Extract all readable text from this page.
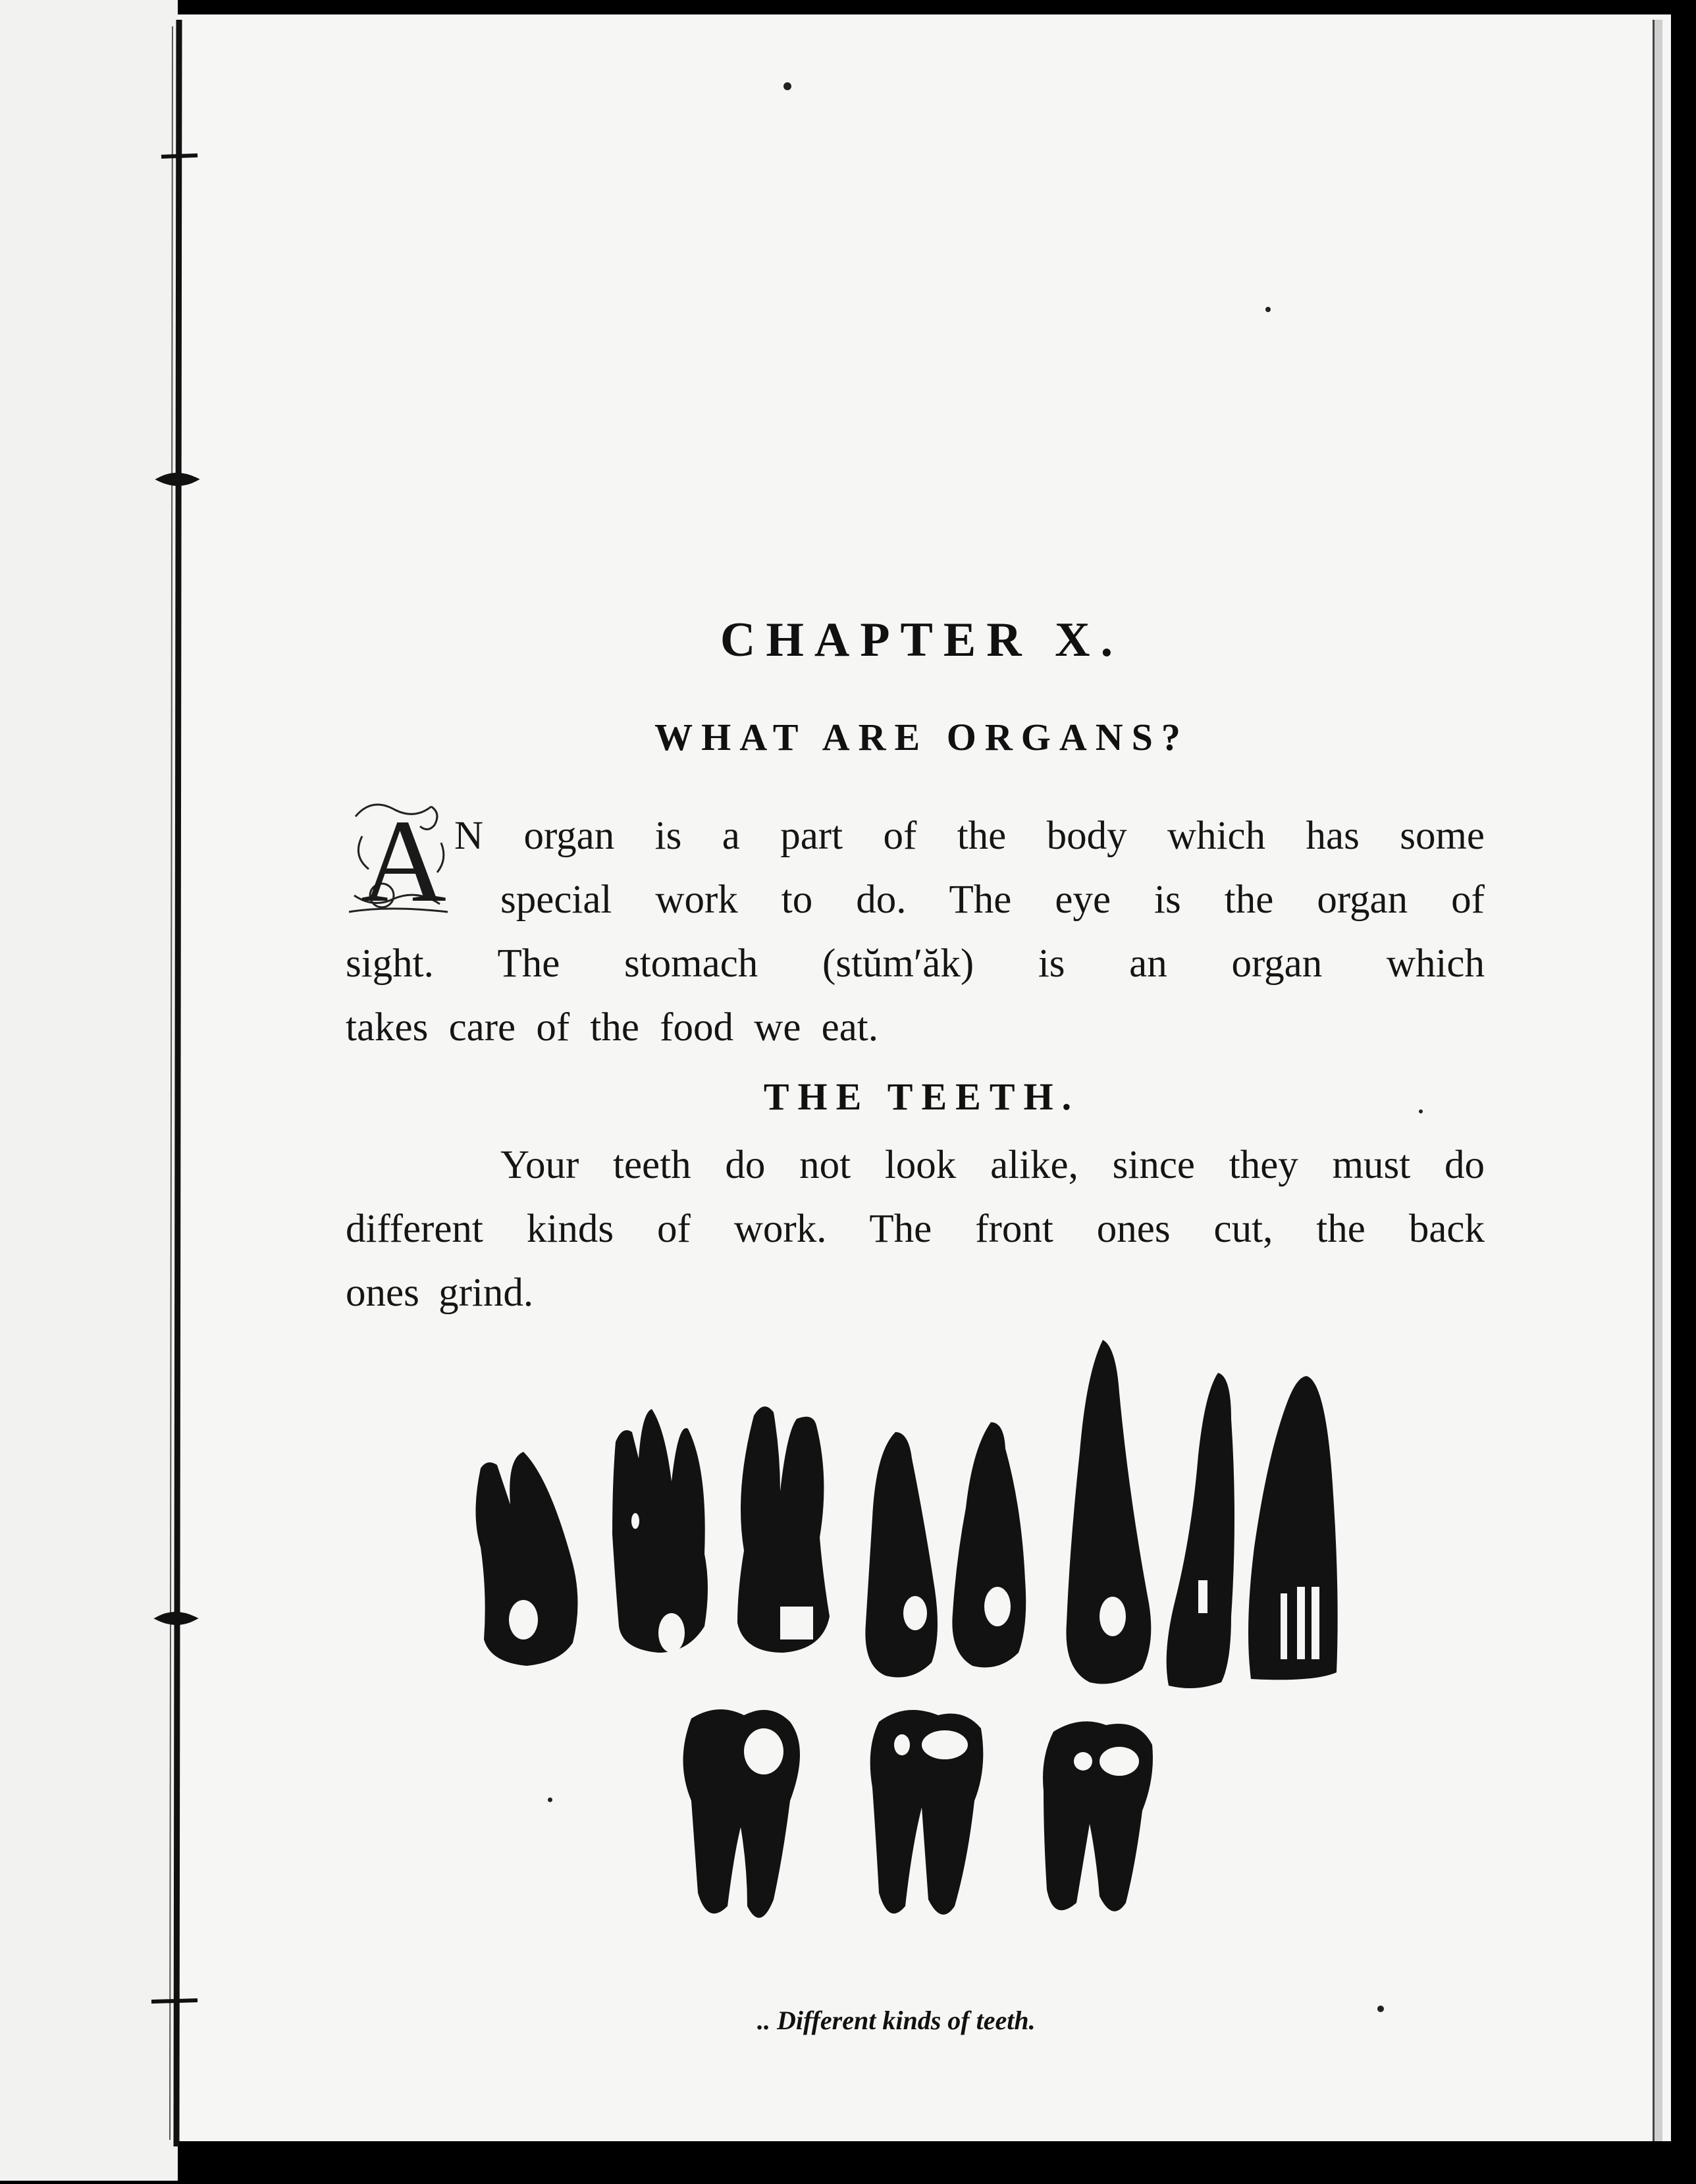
CHAPTER X.
WHAT ARE ORGANS?
A N organ is a part of the body which has some
special work to do. The eye is the organ of
sight. The stomach (stŭm′ăk) is an organ which
takes care of the food we eat.
THE TEETH.
Your teeth do not look alike, since they must do
different kinds of work. The front ones cut, the back
ones grind.
.. Different kinds of teeth.
